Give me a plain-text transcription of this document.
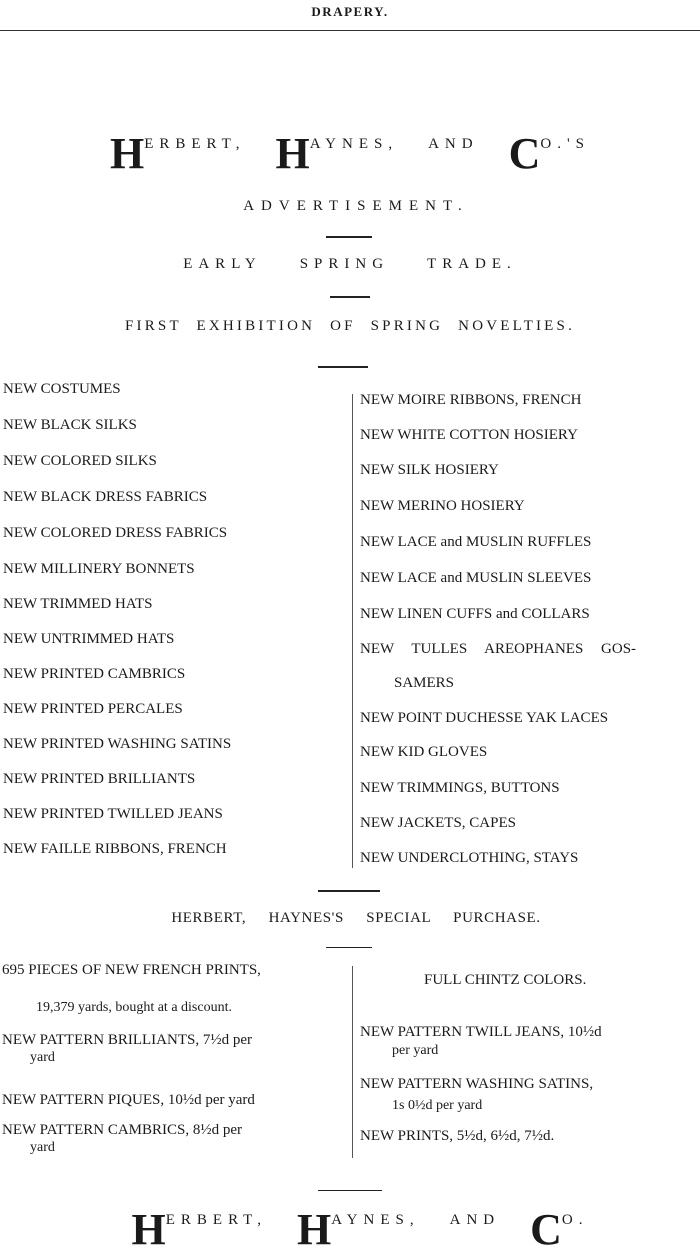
DRAPERY.
HERBERT, HAYNES, AND CO.'S
ADVERTISEMENT.
EARLY	SPRING	TRADE.
FIRST EXHIBITION OF SPRING NOVELTIES.
NEW COSTUMES
NEW BLACK SILKS
NEW COLORED SILKS
NEW BLACK DRESS FABRICS
NEW COLORED DRESS FABRICS
NEW MILLINERY BONNETS
NEW TRIMMED HATS
NEW UNTRIMMED HATS
NEW PRINTED CAMBRICS
NEW PRINTED PERCALES
NEW PRINTED WASHING SATINS
NEW PRINTED BRILLIANTS
NEW PRINTED TWILLED JEANS
NEW FAILLE RIBBONS, FRENCH
NEW MOIRE RIBBONS, FRENCH
NEW WHITE COTTON HOSIERY
NEW SILK HOSIERY
NEW MERINO HOSIERY
NEW LACE and MUSLIN RUFFLES
NEW LACE and MUSLIN SLEEVES
NEW LINEN CUFFS and COLLARS
NEW TULLES AREOPHANES GOS-
SAMERS
NEW POINT DUCHESSE YAK LACES
NEW KID GLOVES
NEW TRIMMINGS, BUTTONS
NEW JACKETS, CAPES
NEW UNDERCLOTHING, STAYS
HERBERT, HAYNES'S SPECIAL PURCHASE.
695 PIECES OF NEW FRENCH PRINTS,
19,379 yards, bought at a discount.
NEW PATTERN BRILLIANTS, 7½d per
yard
NEW PATTERN PIQUES, 10½d per yard
NEW PATTERN CAMBRICS, 8½d per
yard
FULL CHINTZ COLORS.
NEW PATTERN TWILL JEANS, 10½d
per yard
NEW PATTERN WASHING SATINS,
1s 0½d per yard
NEW PRINTS, 5½d, 6½d, 7½d.
HERBERT, HAYNES, AND CO.
